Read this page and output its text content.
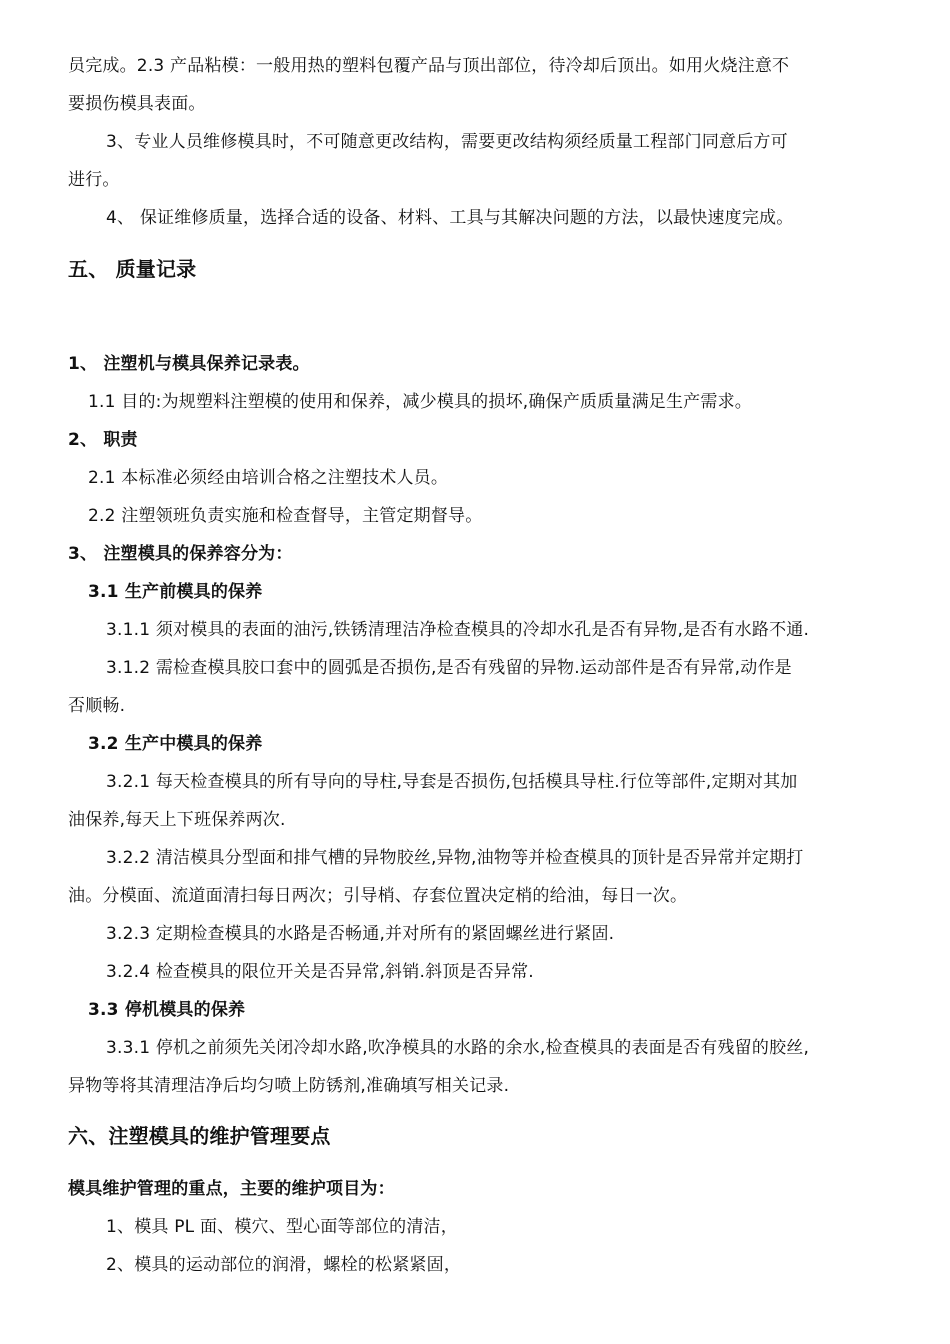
员完成。2.3 产品粘模：一般用热的塑料包覆产品与顶出部位，待冷却后顶出。如用火烧注意不
要损伤模具表面。
3、专业人员维修模具时，不可随意更改结构，需要更改结构须经质量工程部门同意后方可
进行。
4、 保证维修质量，选择合适的设备、材料、工具与其解决问题的方法，以最快速度完成。
五、 质量记录
1、 注塑机与模具保养记录表。
1.1 目的:为规塑料注塑模的使用和保养，减少模具的损坏,确保产质质量满足生产需求。
2、 职责
2.1 本标准必须经由培训合格之注塑技术人员。
2.2 注塑领班负责实施和检查督导，主管定期督导。
3、 注塑模具的保养容分为：
3.1 生产前模具的保养
3.1.1 须对模具的表面的油污,铁锈清理洁净检查模具的冷却水孔是否有异物,是否有水路不通.
3.1.2 需检查模具胶口套中的圆弧是否损伤,是否有残留的异物.运动部件是否有异常,动作是
否顺畅.
3.2 生产中模具的保养
3.2.1 每天检查模具的所有导向的导柱,导套是否损伤,包括模具导柱.行位等部件,定期对其加
油保养,每天上下班保养两次.
3.2.2 清洁模具分型面和排气槽的异物胶丝,异物,油物等并检查模具的顶针是否异常并定期打
油。分模面、流道面清扫每日两次；引导梢、存套位置决定梢的给油，每日一次。
3.2.3 定期检查模具的水路是否畅通,并对所有的紧固螺丝进行紧固.
3.2.4 检查模具的限位开关是否异常,斜销.斜顶是否异常.
3.3 停机模具的保养
3.3.1 停机之前须先关闭冷却水路,吹净模具的水路的余水,检查模具的表面是否有残留的胶丝,
异物等将其清理洁净后均匀喷上防锈剂,准确填写相关记录.
六、注塑模具的维护管理要点
模具维护管理的重点，主要的维护项目为：
1、模具 PL 面、模穴、型心面等部位的清洁，
2、模具的运动部位的润滑，螺栓的松紧紧固，
